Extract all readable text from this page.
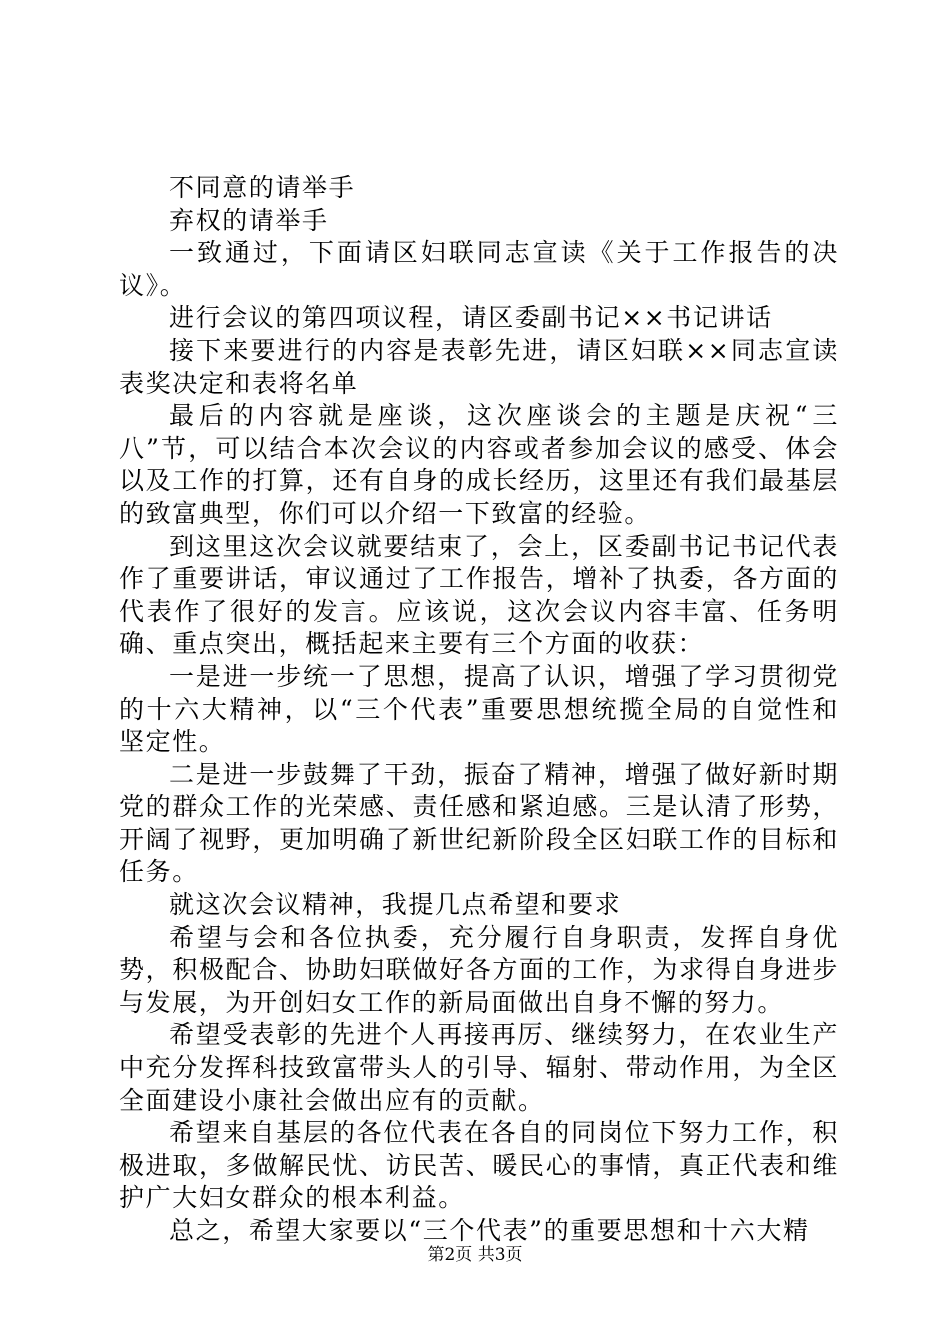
不同意的请举手

弃权的请举手

一致通过，下面请区妇联同志宣读《关于工作报告的决议》。

进行会议的第四项议程，请区委副书记××书记讲话

接下来要进行的内容是表彰先进，请区妇联××同志宣读表奖决定和表将名单

最后的内容就是座谈，这次座谈会的主题是庆祝“三八”节，可以结合本次会议的内容或者参加会议的感受、体会以及工作的打算，还有自身的成长经历，这里还有我们最基层的致富典型，你们可以介绍一下致富的经验。

到这里这次会议就要结束了，会上，区委副书记书记代表作了重要讲话，审议通过了工作报告，增补了执委，各方面的代表作了很好的发言。应该说，这次会议内容丰富、任务明确、重点突出，概括起来主要有三个方面的收获：

一是进一步统一了思想，提高了认识，增强了学习贯彻党的十六大精神，以“三个代表”重要思想统揽全局的自觉性和坚定性。

二是进一步鼓舞了干劲，振奋了精神，增强了做好新时期党的群众工作的光荣感、责任感和紧迫感。三是认清了形势，开阔了视野，更加明确了新世纪新阶段全区妇联工作的目标和任务。

就这次会议精神，我提几点希望和要求

希望与会和各位执委，充分履行自身职责，发挥自身优势，积极配合、协助妇联做好各方面的工作，为求得自身进步与发展，为开创妇女工作的新局面做出自身不懈的努力。

希望受表彰的先进个人再接再厉、继续努力，在农业生产中充分发挥科技致富带头人的引导、辐射、带动作用，为全区全面建设小康社会做出应有的贡献。

希望来自基层的各位代表在各自的同岗位下努力工作，积极进取，多做解民忧、访民苦、暖民心的事情，真正代表和维护广大妇女群众的根本利益。

总之，希望大家要以“三个代表”的重要思想和十六大精

第2页 共3页
